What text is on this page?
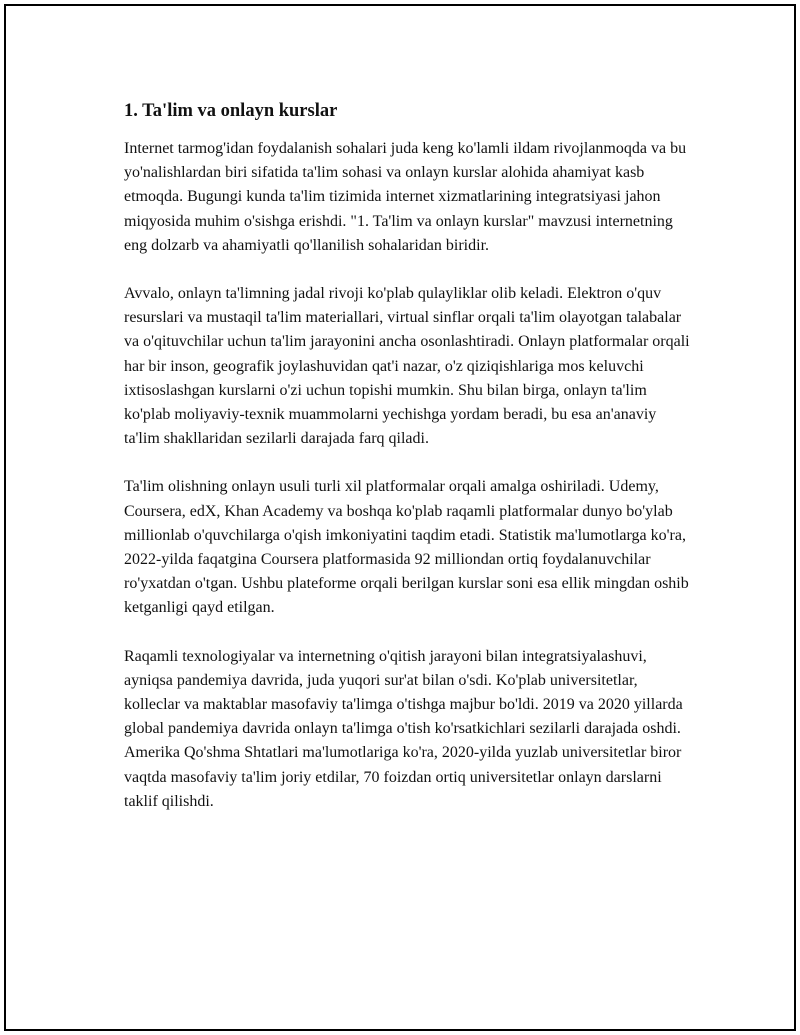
1. Ta'lim va onlayn kurslar

Internet tarmog'idan foydalanish sohalari juda keng ko'lamli ildam rivojlanmoqda va bu yo'nalishlardan biri sifatida ta'lim sohasi va onlayn kurslar alohida ahamiyat kasb etmoqda. Bugungi kunda ta'lim tizimida internet xizmatlarining integratsiyasi jahon miqyosida muhim o'sishga erishdi. "1. Ta'lim va onlayn kurslar" mavzusi internetning eng dolzarb va ahamiyatli qo'llanilish sohalaridan biridir.

Avvalo, onlayn ta'limning jadal rivoji ko'plab qulayliklar olib keladi. Elektron o'quv resurslari va mustaqil ta'lim materiallari, virtual sinflar orqali ta'lim olayotgan talabalar va o'qituvchilar uchun ta'lim jarayonini ancha osonlashtiradi. Onlayn platformalar orqali har bir inson, geografik joylashuvidan qat'i nazar, o'z qiziqishlariga mos keluvchi ixtisoslashgan kurslarni o'zi uchun topishi mumkin. Shu bilan birga, onlayn ta'lim ko'plab moliyaviy-texnik muammolarni yechishga yordam beradi, bu esa an'anaviy ta'lim shakllaridan sezilarli darajada farq qiladi.

Ta'lim olishning onlayn usuli turli xil platformalar orqali amalga oshiriladi. Udemy, Coursera, edX, Khan Academy va boshqa ko'plab raqamli platformalar dunyo bo'ylab millionlab o'quvchilarga o'qish imkoniyatini taqdim etadi. Statistik ma'lumotlarga ko'ra, 2022-yilda faqatgina Coursera platformasida 92 milliondan ortiq foydalanuvchilar ro'yxatdan o'tgan. Ushbu plateforme orqali berilgan kurslar soni esa ellik mingdan oshib ketganligi qayd etilgan.

Raqamli texnologiyalar va internetning o'qitish jarayoni bilan integratsiyalashuvi, ayniqsa pandemiya davrida, juda yuqori sur'at bilan o'sdi. Ko'plab universitetlar, kolleclar va maktablar masofaviy ta'limga o'tishga majbur bo'ldi. 2019 va 2020 yillarda global pandemiya davrida onlayn ta'limga o'tish ko'rsatkichlari sezilarli darajada oshdi. Amerika Qo'shma Shtatlari ma'lumotlariga ko'ra, 2020-yilda yuzlab universitetlar biror vaqtda masofaviy ta'lim joriy etdilar, 70 foizdan ortiq universitetlar onlayn darslarni taklif qilishdi.
